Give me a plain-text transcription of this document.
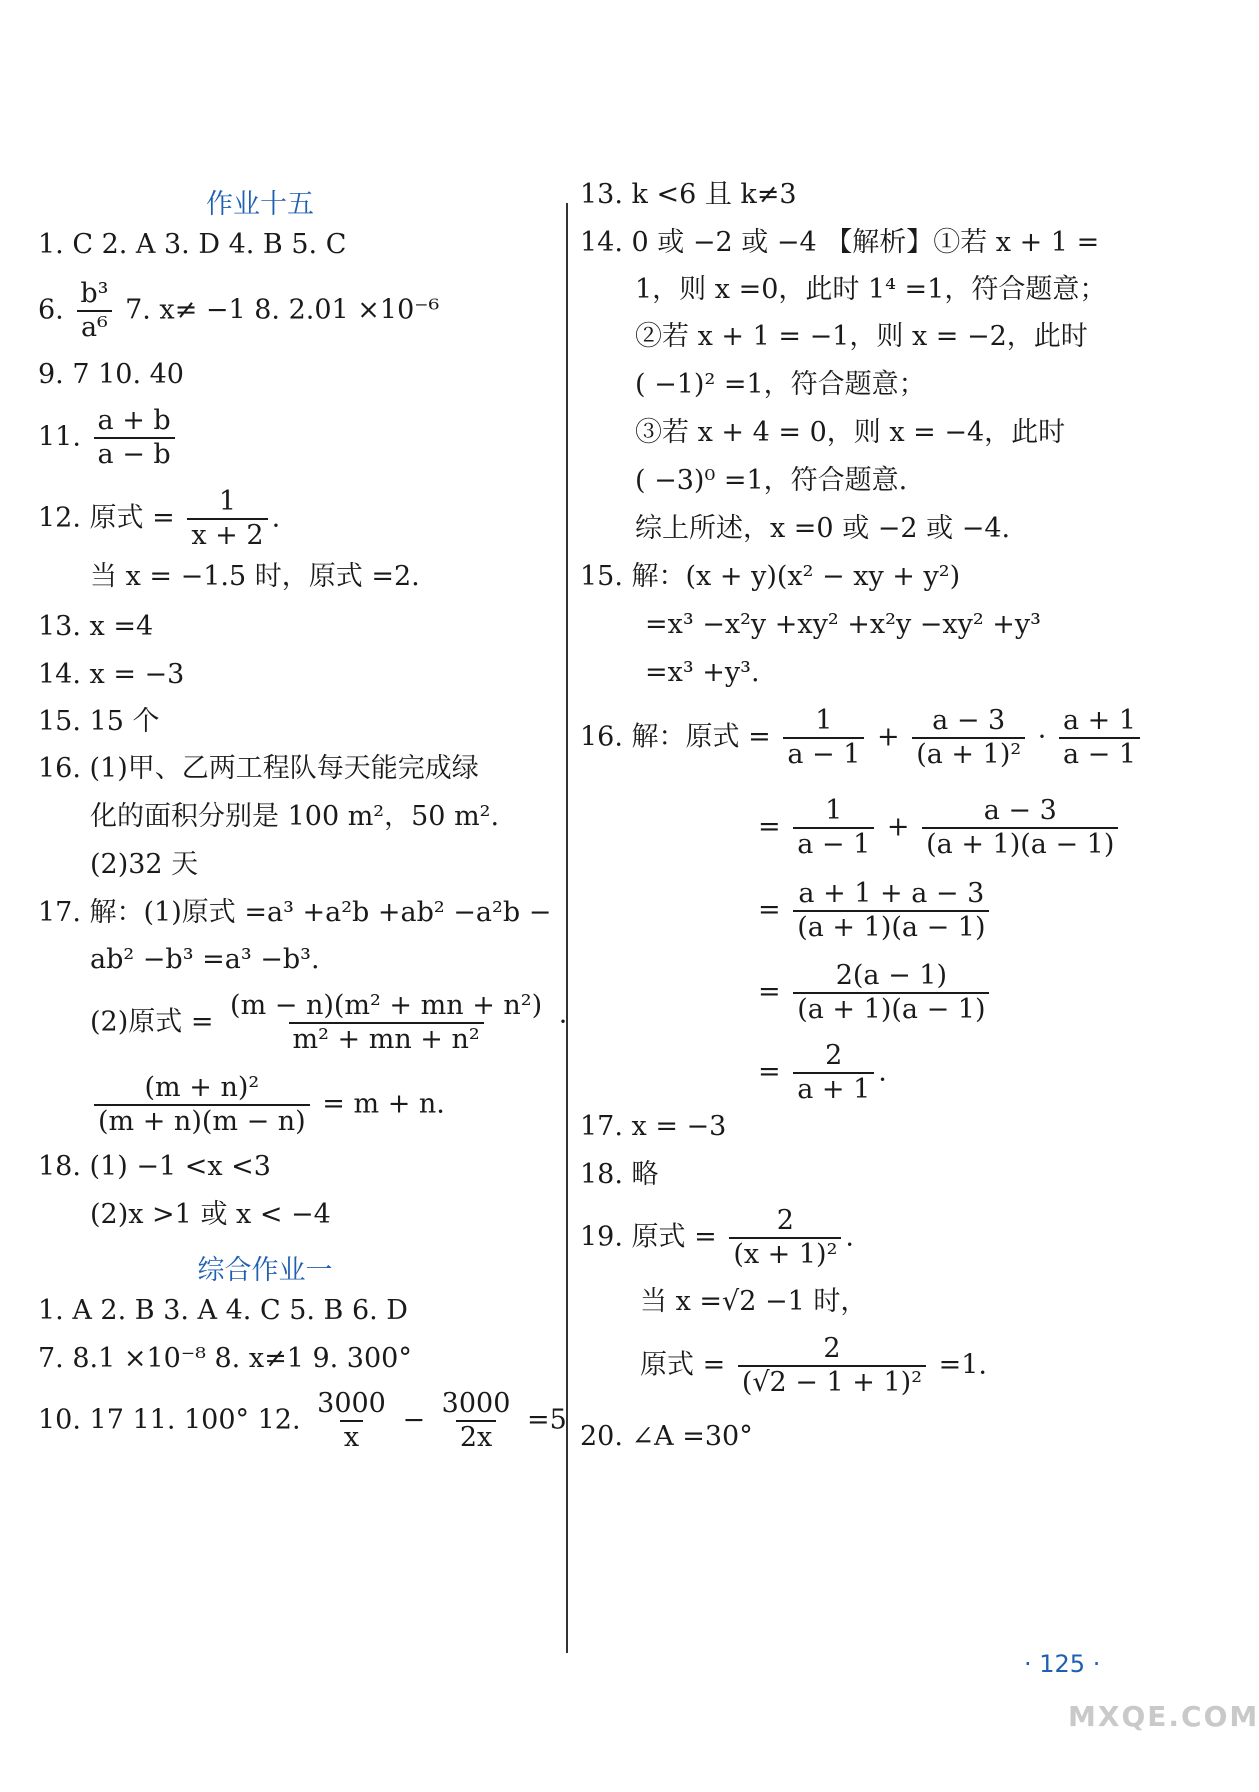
作业十五
1. C 2. A 3. D 4. B 5. C
6. $\frac{\text{b³}}{\text{a⁶}} 7$. x≠ −1 8. 2.01 ×10⁻⁶
9. 7 10. 40
11. $\frac{a + b}{a - b}$
12. 原式 = $\frac{1}{x + 2}$ .
当 x = −1.5 时，原式 =2.
13. x =4
14. x = −3
15. 15 个
16. (1)甲、乙两工程队每天能完成绿
化的面积分别是 100 m²，50 m².
(2)32 天
17. 解：(1)原式 =a³ +a²b +ab² −a²b −
ab² −b³ =a³ −b³.
(2)原式 = $\frac{\text{(m − n)(m² + mn + n²)}}{\text{m² + mn + n²}}$ ·
$\frac{\text{(m + n)²}}{(m + n)(m - n)} = m + n$.
18. (1) −1 <x <3
(2)x >1 或 x < −4
综合作业一
1. A 2. B 3. A 4. C 5. B 6. D
7. 8.1 ×10⁻⁸ 8. x≠1 9. 300°
10. 17 11. 100° 12. $\frac{3000}{x} - \frac{3000}{2x} =5$
13. k <6 且 k≠3
14. 0 或 −2 或 −4 【解析】①若 x + 1 =
1，则 x =0，此时 1⁴ =1，符合题意；
②若 x + 1 = −1，则 x = −2，此时
( −1)² =1，符合题意；
③若 x + 4 = 0，则 x = −4，此时
( −3)⁰ =1，符合题意.
综上所述，x =0 或 −2 或 −4.
15. 解：(x + y)(x² − xy + y²)
=x³ −x²y +xy² +x²y −xy² +y³
=x³ +y³.
16. 解：原式 = $\frac{1}{a - 1} + \frac{a - 3}{\text{(a + 1)²}} \cdot \frac{a + 1}{a - 1}$
= $\frac{1}{a - 1} + \frac{a - 3}{(a + 1)(a - 1)}$
= $\frac{a + 1 + a - 3}{(a + 1)(a - 1)}$
= $\frac{2(a - 1)}{(a + 1)(a - 1)}$
= $\frac{2}{a + 1}$ .
17. x = −3
18. 略
19. 原式 = $\frac{2}{\text{(x + 1)²}}$ .
当 x =√2 −1 时，
原式 = $\frac{2}{\text{(√2 − 1 + 1)²}} =1$.
20. ∠A =30°
· 125 ·
MXQE.COM
